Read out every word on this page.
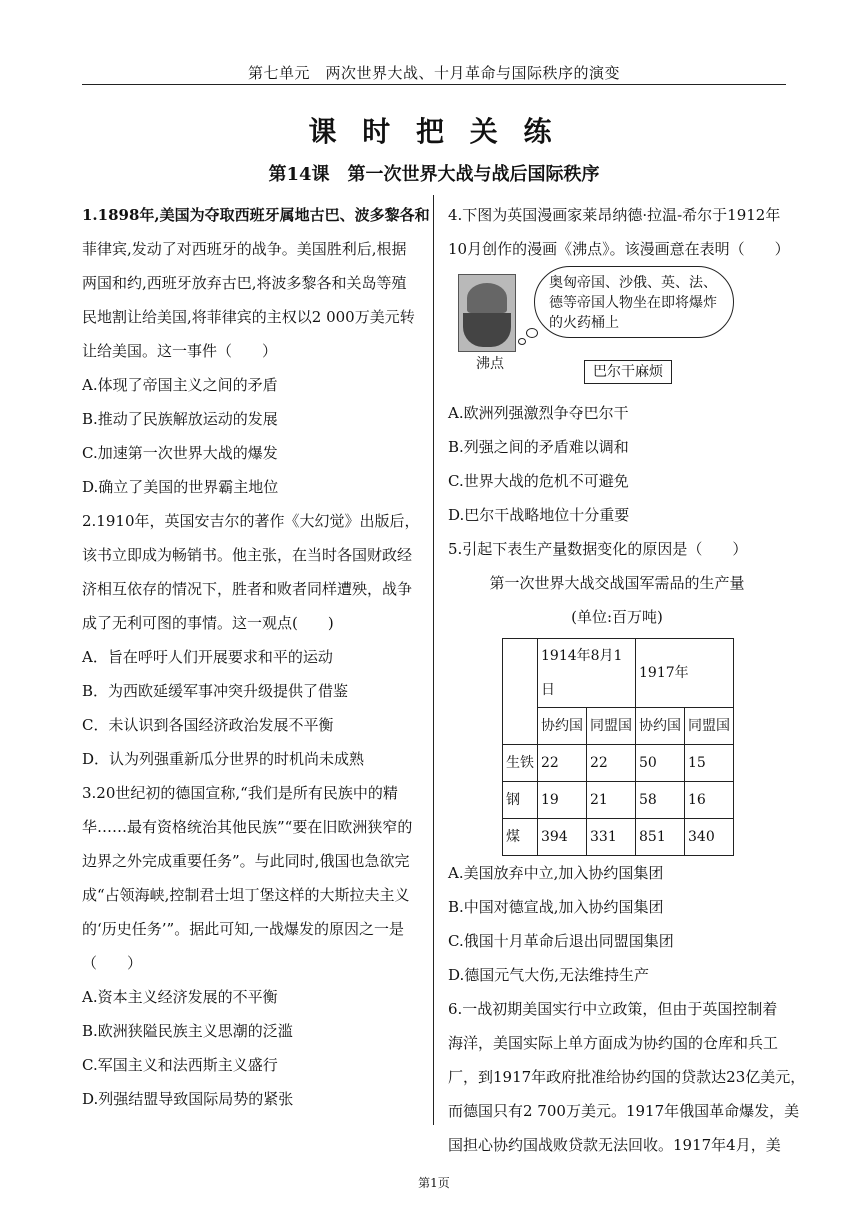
第七单元　两次世界大战、十月革命与国际秩序的演变
课 时 把 关 练
第14课　第一次世界大战与战后国际秩序
1.1898年,美国为夺取西班牙属地古巴、波多黎各和
菲律宾,发动了对西班牙的战争。美国胜利后,根据
两国和约,西班牙放弃古巴,将波多黎各和关岛等殖
民地割让给美国,将菲律宾的主权以2 000万美元转
让给美国。这一事件（　　）
A.体现了帝国主义之间的矛盾
B.推动了民族解放运动的发展
C.加速第一次世界大战的爆发
D.确立了美国的世界霸主地位
2.1910年，英国安吉尔的著作《大幻觉》出版后，
该书立即成为畅销书。他主张，在当时各国财政经
济相互依存的情况下，胜者和败者同样遭殃，战争
成了无利可图的事情。这一观点(　　)
A．旨在呼吁人们开展要求和平的运动
B．为西欧延缓军事冲突升级提供了借鉴
C．未认识到各国经济政治发展不平衡
D．认为列强重新瓜分世界的时机尚未成熟
3.20世纪初的德国宣称,“我们是所有民族中的精
华……最有资格统治其他民族”“要在旧欧洲狭窄的
边界之外完成重要任务”。与此同时,俄国也急欲完
成“占领海峡,控制君士坦丁堡这样的大斯拉夫主义
的‘历史任务’”。据此可知,一战爆发的原因之一是
（　　）
A.资本主义经济发展的不平衡
B.欧洲狭隘民族主义思潮的泛滥
C.军国主义和法西斯主义盛行
D.列强结盟导致国际局势的紧张
4.下图为英国漫画家莱昂纳德·拉温-希尔于1912年
10月创作的漫画《沸点》。该漫画意在表明（　　）
沸点
奥匈帝国、沙俄、英、法、德等帝国人物坐在即将爆炸的火药桶上
巴尔干麻烦
A.欧洲列强激烈争夺巴尔干
B.列强之间的矛盾难以调和
C.世界大战的危机不可避免
D.巴尔干战略地位十分重要
5.引起下表生产量数据变化的原因是（　　）
第一次世界大战交战国军需品的生产量
(单位:百万吨)
	1914年8月1日		1917年	
	协约国	同盟国	协约国	同盟国
生铁	22	22	50	15
钢	19	21	58	16
煤	394	331	851	340
A.美国放弃中立,加入协约国集团
B.中国对德宣战,加入协约国集团
C.俄国十月革命后退出同盟国集团
D.德国元气大伤,无法维持生产
6.一战初期美国实行中立政策，但由于英国控制着
海洋，美国实际上单方面成为协约国的仓库和兵工
厂，到1917年政府批准给协约国的贷款达23亿美元，
而德国只有2 700万美元。1917年俄国革命爆发，美
国担心协约国战败贷款无法回收。1917年4月，美
第1页
